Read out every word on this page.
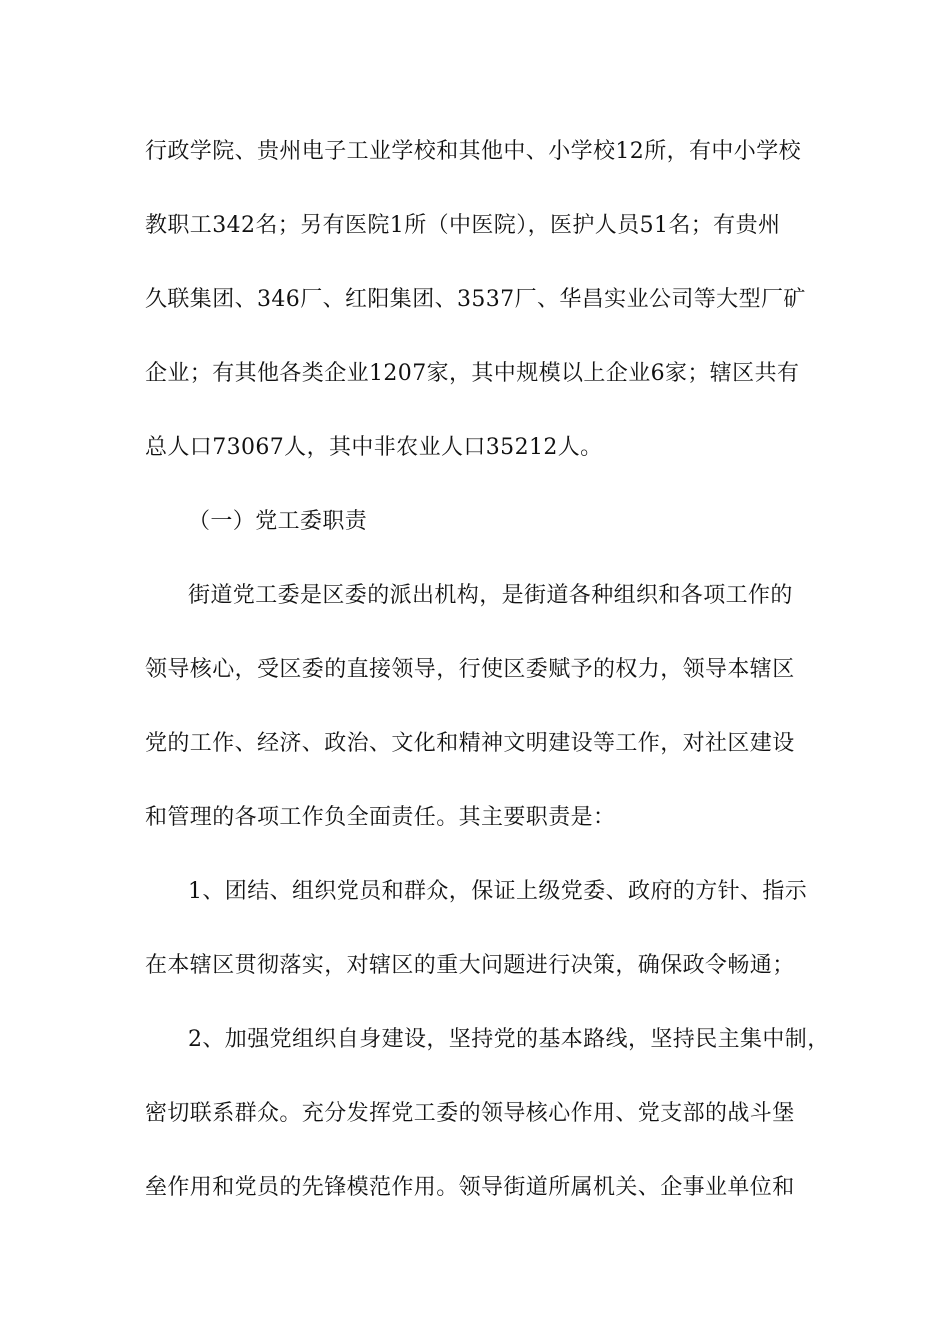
行政学院、贵州电子工业学校和其他中、小学校12所，有中小学校
教职工342名；另有医院1所（中医院），医护人员51名；有贵州
久联集团、346厂、红阳集团、3537厂、华昌实业公司等大型厂矿
企业；有其他各类企业1207家，其中规模以上企业6家；辖区共有
总人口73067人，其中非农业人口35212人。
（一）党工委职责
街道党工委是区委的派出机构，是街道各种组织和各项工作的
领导核心，受区委的直接领导，行使区委赋予的权力，领导本辖区
党的工作、经济、政治、文化和精神文明建设等工作，对社区建设
和管理的各项工作负全面责任。其主要职责是：
1、团结、组织党员和群众，保证上级党委、政府的方针、指示
在本辖区贯彻落实，对辖区的重大问题进行决策，确保政令畅通；
2、加强党组织自身建设，坚持党的基本路线，坚持民主集中制，
密切联系群众。充分发挥党工委的领导核心作用、党支部的战斗堡
垒作用和党员的先锋模范作用。领导街道所属机关、企事业单位和
